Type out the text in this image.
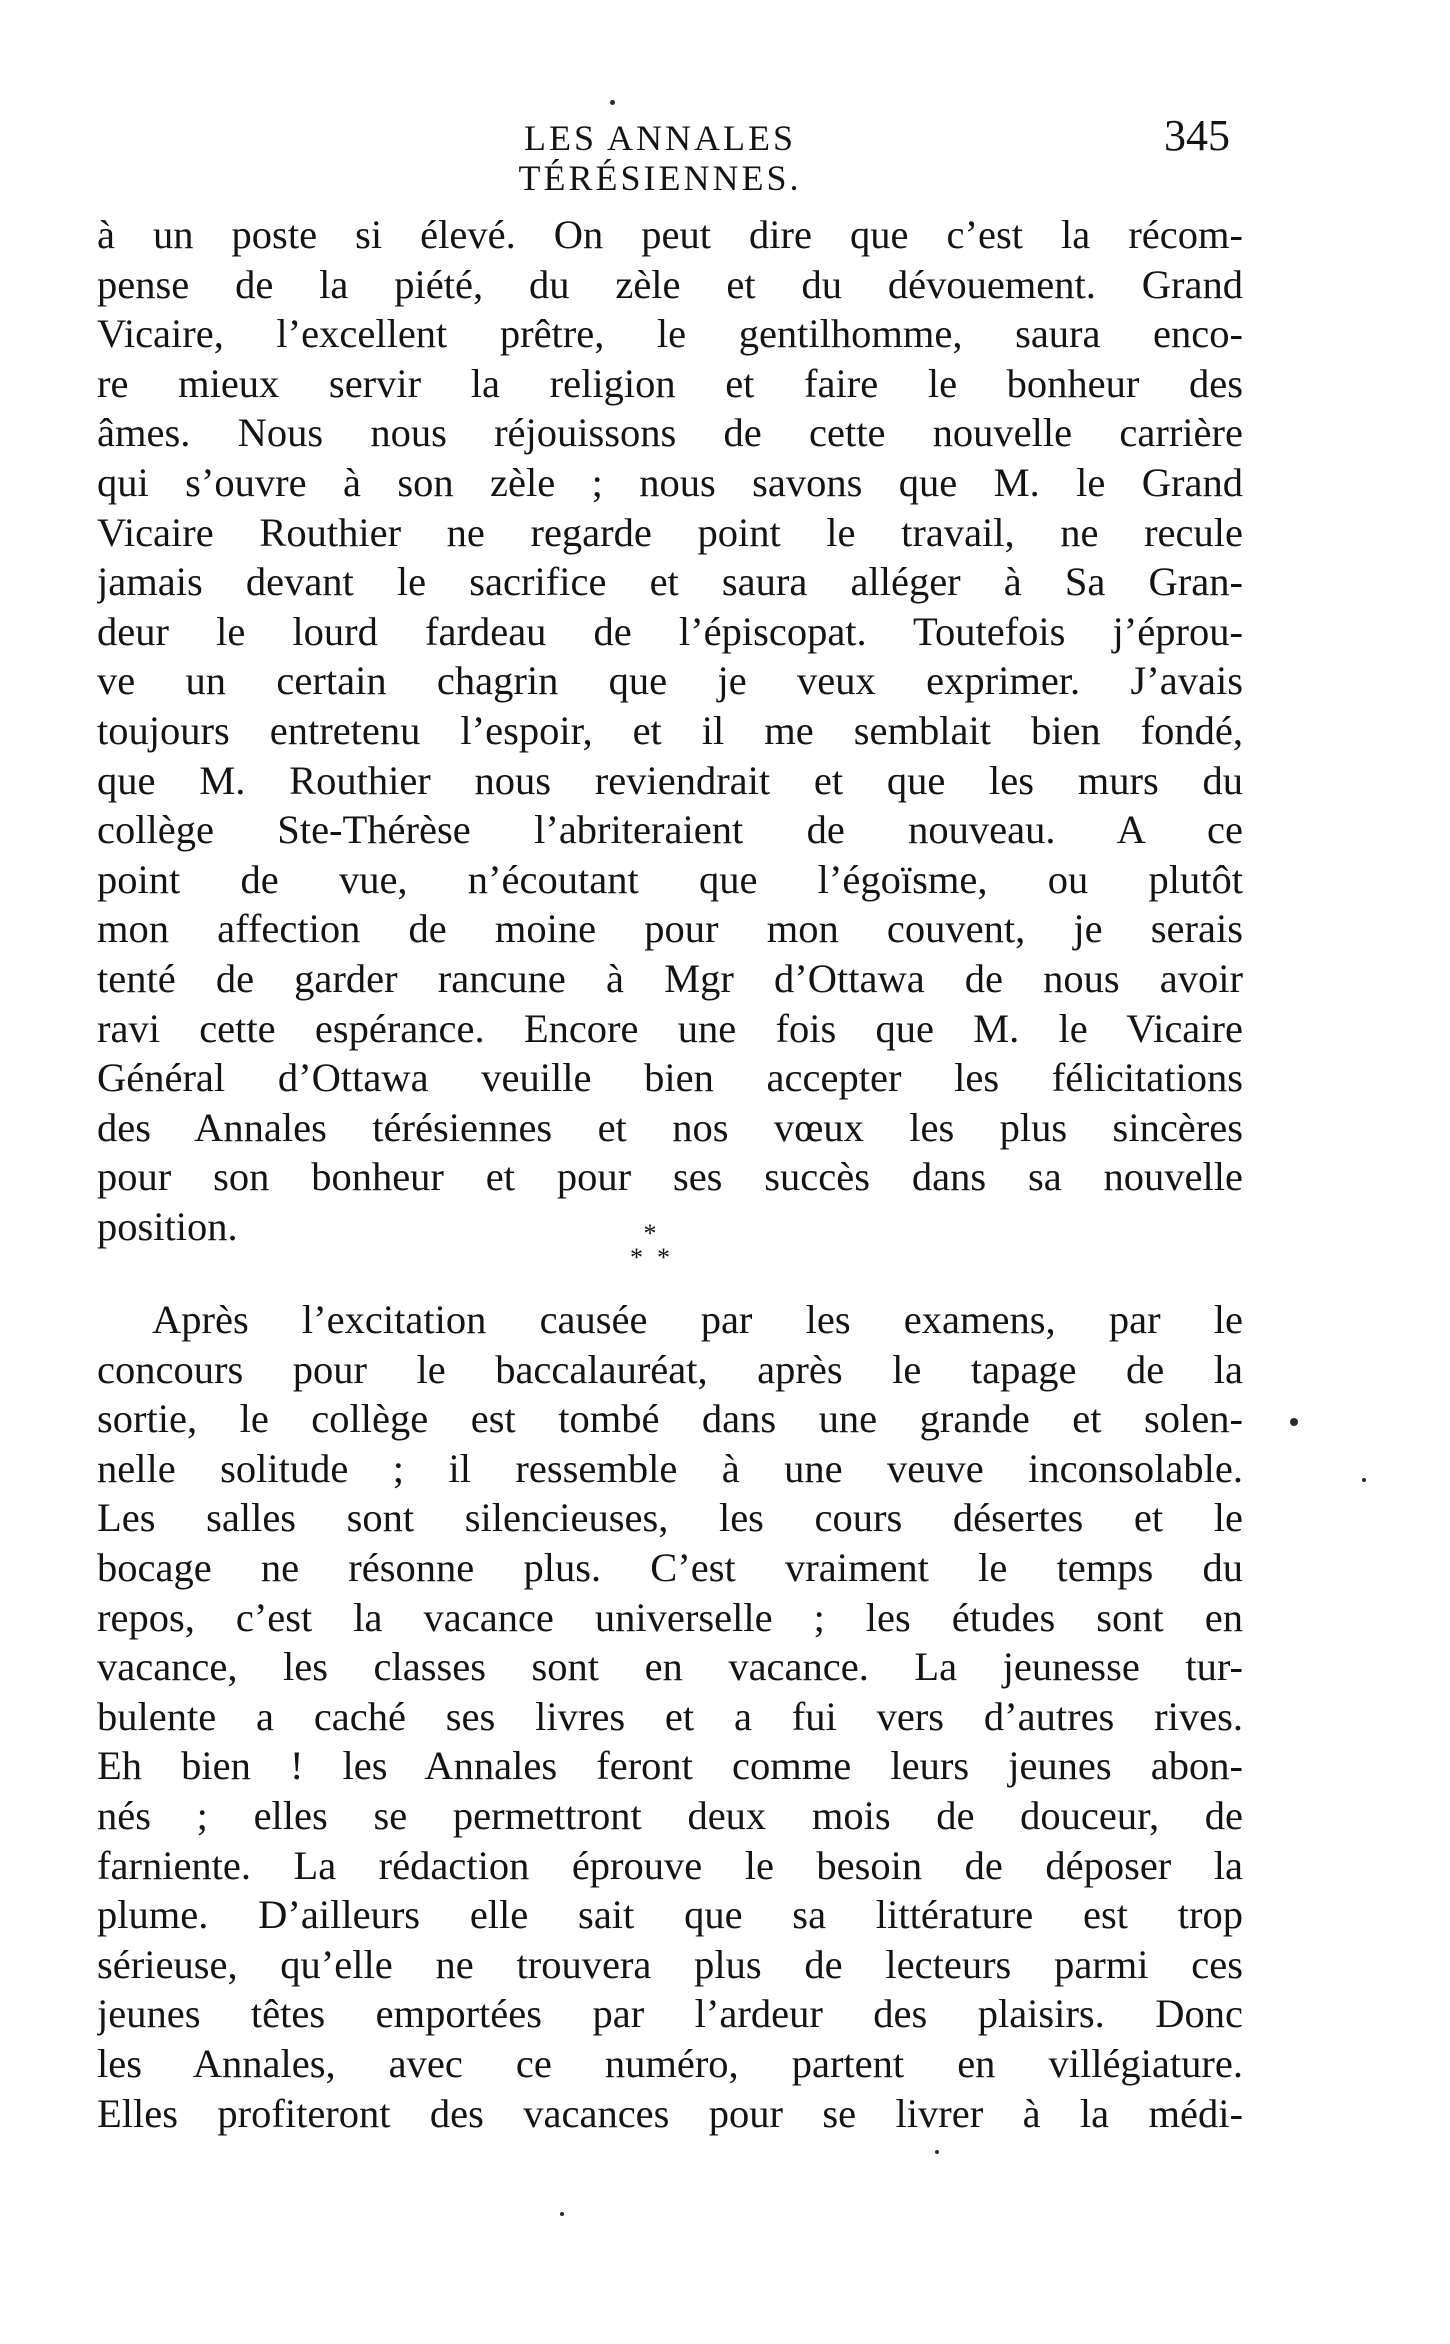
LES ANNALES TÉRÉSIENNES.
345
à un poste si élevé. On peut dire que c’est la récom-
pense de la piété, du zèle et du dévouement. Grand
Vicaire, l’excellent prêtre, le gentilhomme, saura enco-
re mieux servir la religion et faire le bonheur des
âmes. Nous nous réjouissons de cette nouvelle carrière
qui s’ouvre à son zèle ; nous savons que M. le Grand
Vicaire Routhier ne regarde point le travail, ne recule
jamais devant le sacrifice et saura alléger à Sa Gran-
deur le lourd fardeau de l’épiscopat. Toutefois j’éprou-
ve un certain chagrin que je veux exprimer. J’avais
toujours entretenu l’espoir, et il me semblait bien fondé,
que M. Routhier nous reviendrait et que les murs du
collège Ste-Thérèse l’abriteraient de nouveau. A ce
point de vue, n’écoutant que l’égoïsme, ou plutôt
mon affection de moine pour mon couvent, je serais
tenté de garder rancune à Mgr d’Ottawa de nous avoir
ravi cette espérance. Encore une fois que M. le Vicaire
Général d’Ottawa veuille bien accepter les félicitations
des Annales térésiennes et nos vœux les plus sincères
pour son bonheur et pour ses succès dans sa nouvelle
position.	*
**
Après l’excitation causée par les examens, par le
concours pour le baccalauréat, après le tapage de la
sortie, le collège est tombé dans une grande et solen-
nelle solitude ; il ressemble à une veuve inconsolable.
Les salles sont silencieuses, les cours désertes et le
bocage ne résonne plus. C’est vraiment le temps du
repos, c’est la vacance universelle ; les études sont en
vacance, les classes sont en vacance. La jeunesse tur-
bulente a caché ses livres et a fui vers d’autres rives.
Eh bien ! les Annales feront comme leurs jeunes abon-
nés ; elles se permettront deux mois de douceur, de
farniente. La rédaction éprouve le besoin de déposer la
plume. D’ailleurs elle sait que sa littérature est trop
sérieuse, qu’elle ne trouvera plus de lecteurs parmi ces
jeunes têtes emportées par l’ardeur des plaisirs. Donc
les Annales, avec ce numéro, partent en villégiature.
Elles profiteront des vacances pour se livrer à la médi-
